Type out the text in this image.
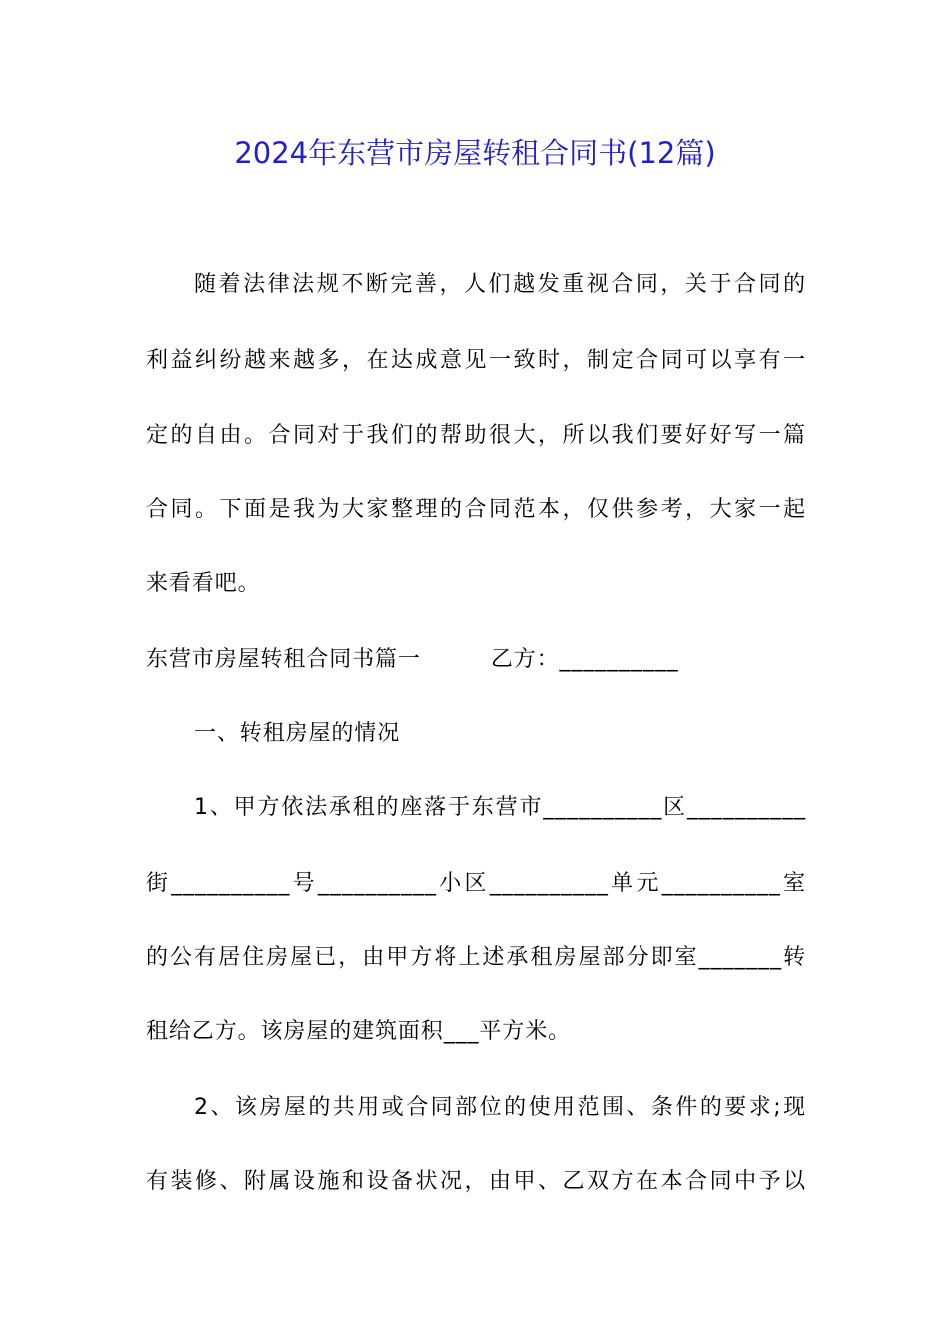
2024年东营市房屋转租合同书(12篇)
随着法律法规不断完善，人们越发重视合同，关于合同的
利益纠纷越来越多，在达成意见一致时，制定合同可以享有一
定的自由。合同对于我们的帮助很大，所以我们要好好写一篇
合同。下面是我为大家整理的合同范本，仅供参考，大家一起
来看看吧。
东营市房屋转租合同书篇一	乙方：__________
一、转租房屋的情况
1、甲方依法承租的座落于东营市__________区__________
街__________号__________小区__________单元__________室
的公有居住房屋已，由甲方将上述承租房屋部分即室_______转
租给乙方。该房屋的建筑面积___平方米。
2、该房屋的共用或合同部位的使用范围、条件的要求;现
有装修、附属设施和设备状况，由甲、乙双方在本合同中予以
